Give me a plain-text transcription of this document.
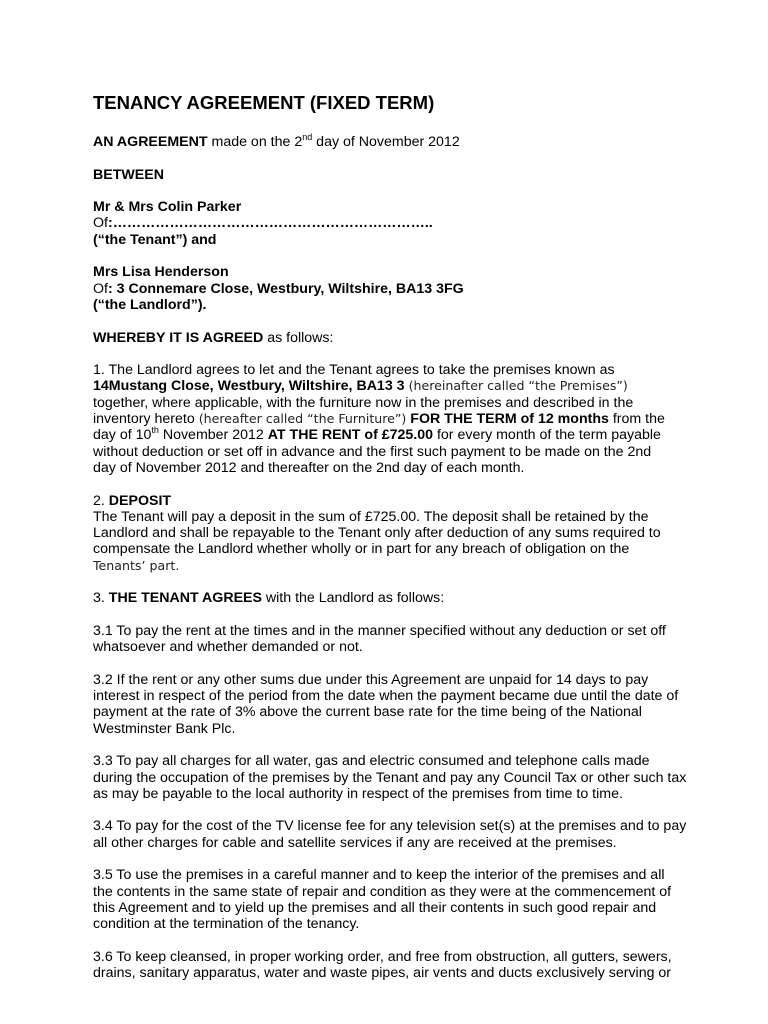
TENANCY AGREEMENT (FIXED TERM)
AN AGREEMENT made on the 2nd day of November 2012
BETWEEN
Mr & Mrs Colin Parker
Of:…………………………………………………………..
(“the Tenant”) and
Mrs Lisa Henderson
Of: 3 Connemare Close, Westbury, Wiltshire, BA13 3FG
(“the Landlord”).
WHEREBY IT IS AGREED as follows:
1. The Landlord agrees to let and the Tenant agrees to take the premises known as
14Mustang Close, Westbury, Wiltshire, BA13 3 (hereinafter called “the Premises”)
together, where applicable, with the furniture now in the premises and described in the
inventory hereto (hereafter called “the Furniture”) FOR THE TERM of 12 months from the
day of 10th November 2012 AT THE RENT of £725.00 for every month of the term payable
without deduction or set off in advance and the first such payment to be made on the 2nd
day of November 2012 and thereafter on the 2nd day of each month.
2. DEPOSIT
The Tenant will pay a deposit in the sum of £725.00. The deposit shall be retained by the Landlord and shall be repayable to the Tenant only after deduction of any sums required to compensate the Landlord whether wholly or in part for any breach of obligation on the
Tenants’ part.
3. THE TENANT AGREES with the Landlord as follows:
3.1 To pay the rent at the times and in the manner specified without any deduction or set off whatsoever and whether demanded or not.
3.2 If the rent or any other sums due under this Agreement are unpaid for 14 days to pay interest in respect of the period from the date when the payment became due until the date of payment at the rate of 3% above the current base rate for the time being of the National Westminster Bank Plc.
3.3 To pay all charges for all water, gas and electric consumed and telephone calls made during the occupation of the premises by the Tenant and pay any Council Tax or other such tax as may be payable to the local authority in respect of the premises from time to time.
3.4 To pay for the cost of the TV license fee for any television set(s) at the premises and to pay all other charges for cable and satellite services if any are received at the premises.
3.5 To use the premises in a careful manner and to keep the interior of the premises and all the contents in the same state of repair and condition as they were at the commencement of this Agreement and to yield up the premises and all their contents in such good repair and condition at the termination of the tenancy.
3.6 To keep cleansed, in proper working order, and free from obstruction, all gutters, sewers, drains, sanitary apparatus, water and waste pipes, air vents and ducts exclusively serving or
